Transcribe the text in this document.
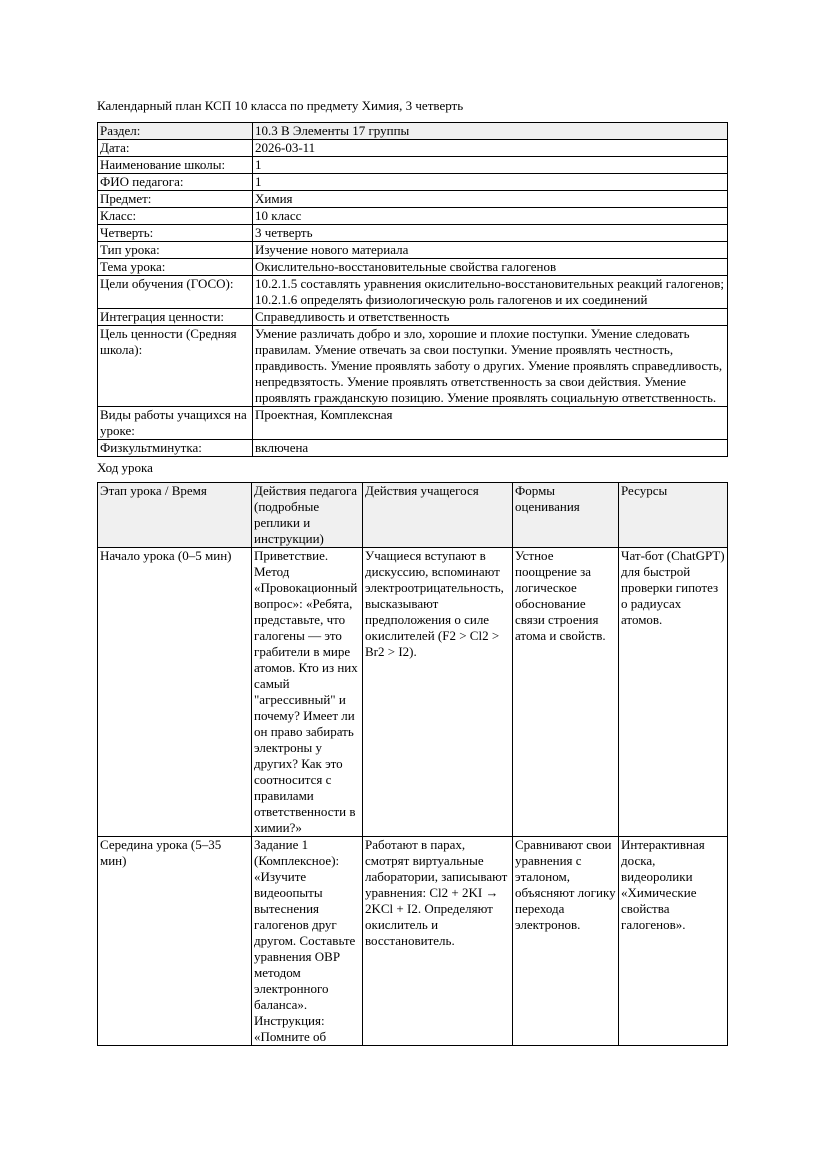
Календарный план КСП 10 класса по предмету Химия, 3 четверть
Раздел:	10.3 В Элементы 17 группы
Дата:	2026-03-11
Наименование школы:	1
ФИО педагога:	1
Предмет:	Химия
Класс:	10 класс
Четверть:	3 четверть
Тип урока:	Изучение нового материала
Тема урока:	Окислительно-восстановительные свойства галогенов
Цели обучения (ГОСО):	10.2.1.5 составлять уравнения окислительно-восстановительных реакций галогенов; 10.2.1.6 определять физиологическую роль галогенов и их соединений
Интеграция ценности:	Справедливость и ответственность
Цель ценности (Средняя школа):	Умение различать добро и зло, хорошие и плохие поступки. Умение следовать правилам. Умение отвечать за свои поступки. Умение проявлять честность, правдивость. Умение проявлять заботу о других. Умение проявлять справедливость, непредвзятость. Умение проявлять ответственность за свои действия. Умение проявлять гражданскую позицию. Умение проявлять социальную ответственность.
Виды работы учащихся на уроке:	Проектная, Комплексная
Физкультминутка:	включена
Ход урока
Этап урока / Время	Действия педагога (подробные реплики и инструкции)	Действия учащегося	Формы оценивания	Ресурсы
Начало урока (0–5 мин)	Приветствие. Метод «Провокационный вопрос»: «Ребята, представьте, что галогены — это грабители в мире атомов. Кто из них самый "агрессивный" и почему? Имеет ли он право забирать электроны у других? Как это соотносится с правилами ответственности в химии?»	Учащиеся вступают в дискуссию, вспоминают электроотрицательность, высказывают предположения о силе окислителей (F2 > Cl2 > Br2 > I2).	Устное поощрение за логическое обоснование связи строения атома и свойств.	Чат-бот (ChatGPT) для быстрой проверки гипотез о радиусах атомов.
Середина урока (5–35 мин)	Задание 1 (Комплексное): «Изучите видеоопыты вытеснения галогенов друг другом. Составьте уравнения ОВР методом электронного баланса». Инструкция: «Помните об	Работают в парах, смотрят виртуальные лаборатории, записывают уравнения: Cl2 + 2KI → 2KCl + I2. Определяют окислитель и восстановитель.	Сравнивают свои уравнения с эталоном, объясняют логику перехода электронов.	Интерактивная доска, видеоролики «Химические свойства галогенов».
